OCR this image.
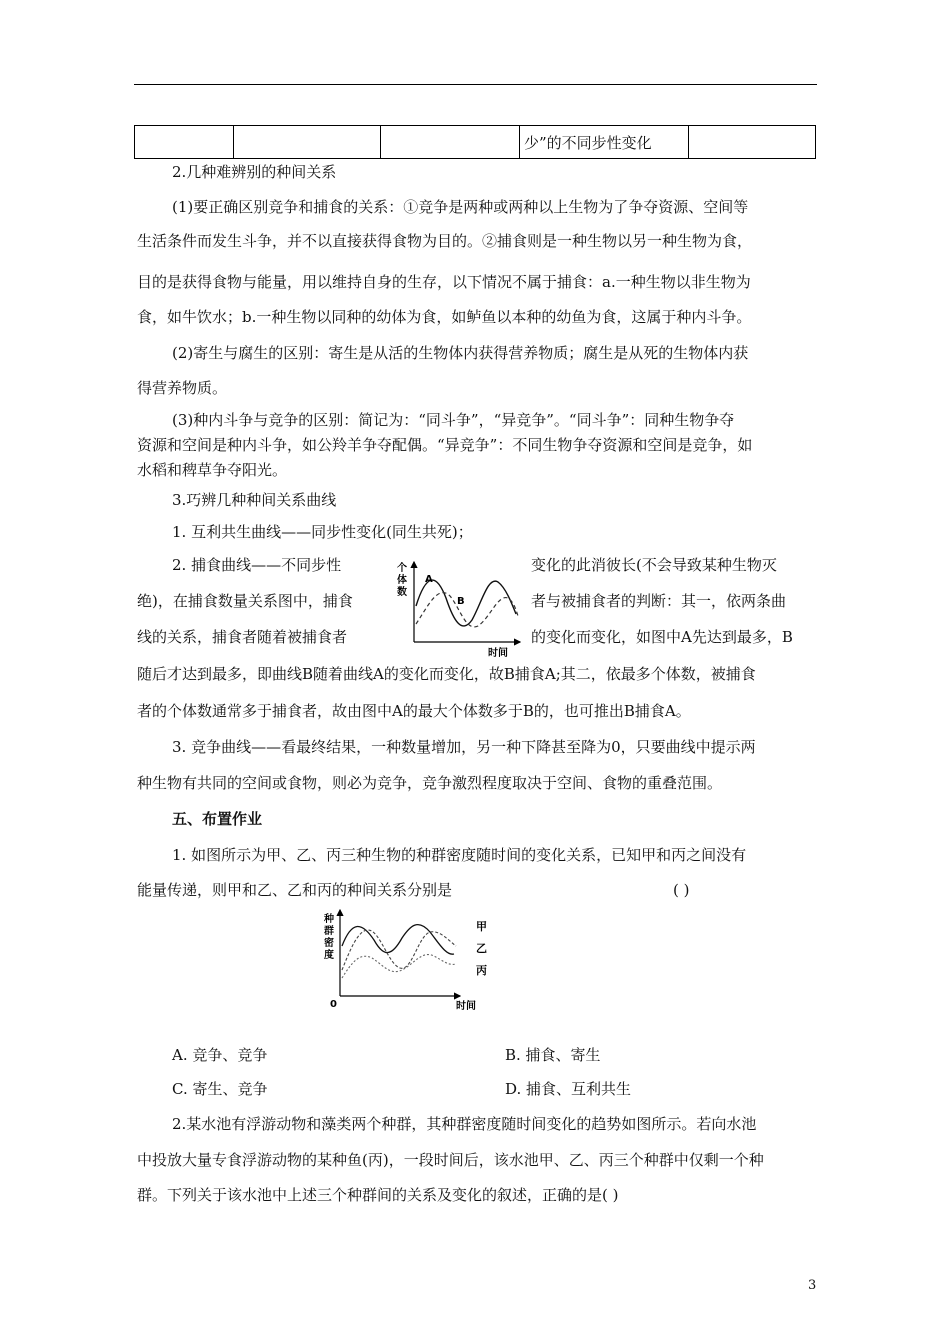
			少”的不同步性变化	
2.几种难辨别的种间关系
(1)要正确区别竞争和捕食的关系：①竞争是两种或两种以上生物为了争夺资源、空间等
生活条件而发生斗争，并不以直接获得食物为目的。②捕食则是一种生物以另一种生物为食，
目的是获得食物与能量，用以维持自身的生存，以下情况不属于捕食：a.一种生物以非生物为
食，如牛饮水；b.一种生物以同种的幼体为食，如鲈鱼以本种的幼鱼为食，这属于种内斗争。
(2)寄生与腐生的区别：寄生是从活的生物体内获得营养物质；腐生是从死的生物体内获
得营养物质。
(3)种内斗争与竞争的区别：简记为：“同斗争”，“异竞争”。“同斗争”：同种生物争夺
资源和空间是种内斗争，如公羚羊争夺配偶。“异竞争”：不同生物争夺资源和空间是竞争，如
水稻和稗草争夺阳光。
3.巧辨几种种间关系曲线
1. 互利共生曲线——同步性变化(同生共死)；
2. 捕食曲线——不同步性
绝)，在捕食数量关系图中，捕食
线的关系，捕食者随着被捕食者
变化的此消彼长(不会导致某种生物灭
者与被捕食者的判断：其一，依两条曲
的变化而变化，如图中A先达到最多，B
随后才达到最多，即曲线B随着曲线A的变化而变化，故B捕食A;其二，依最多个体数，被捕食
者的个体数通常多于捕食者，故由图中A的最大个体数多于B的，也可推出B捕食A。
3. 竞争曲线——看最终结果，一种数量增加，另一种下降甚至降为0，只要曲线中提示两
种生物有共同的空间或食物，则必为竞争，竞争激烈程度取决于空间、食物的重叠范围。
个
体
数
时间
A
B
五、布置作业
1. 如图所示为甲、乙、丙三种生物的种群密度随时间的变化关系，已知甲和丙之间没有
能量传递，则甲和乙、乙和丙的种间关系分别是	( )
种
群
密
度
0	时间
甲
乙
丙
A. 竞争、竞争	B. 捕食、寄生
C. 寄生、竞争	D. 捕食、互利共生
2.某水池有浮游动物和藻类两个种群，其种群密度随时间变化的趋势如图所示。若向水池
中投放大量专食浮游动物的某种鱼(丙)，一段时间后，该水池甲、乙、丙三个种群中仅剩一个种
群。下列关于该水池中上述三个种群间的关系及变化的叙述，正确的是( )
3
